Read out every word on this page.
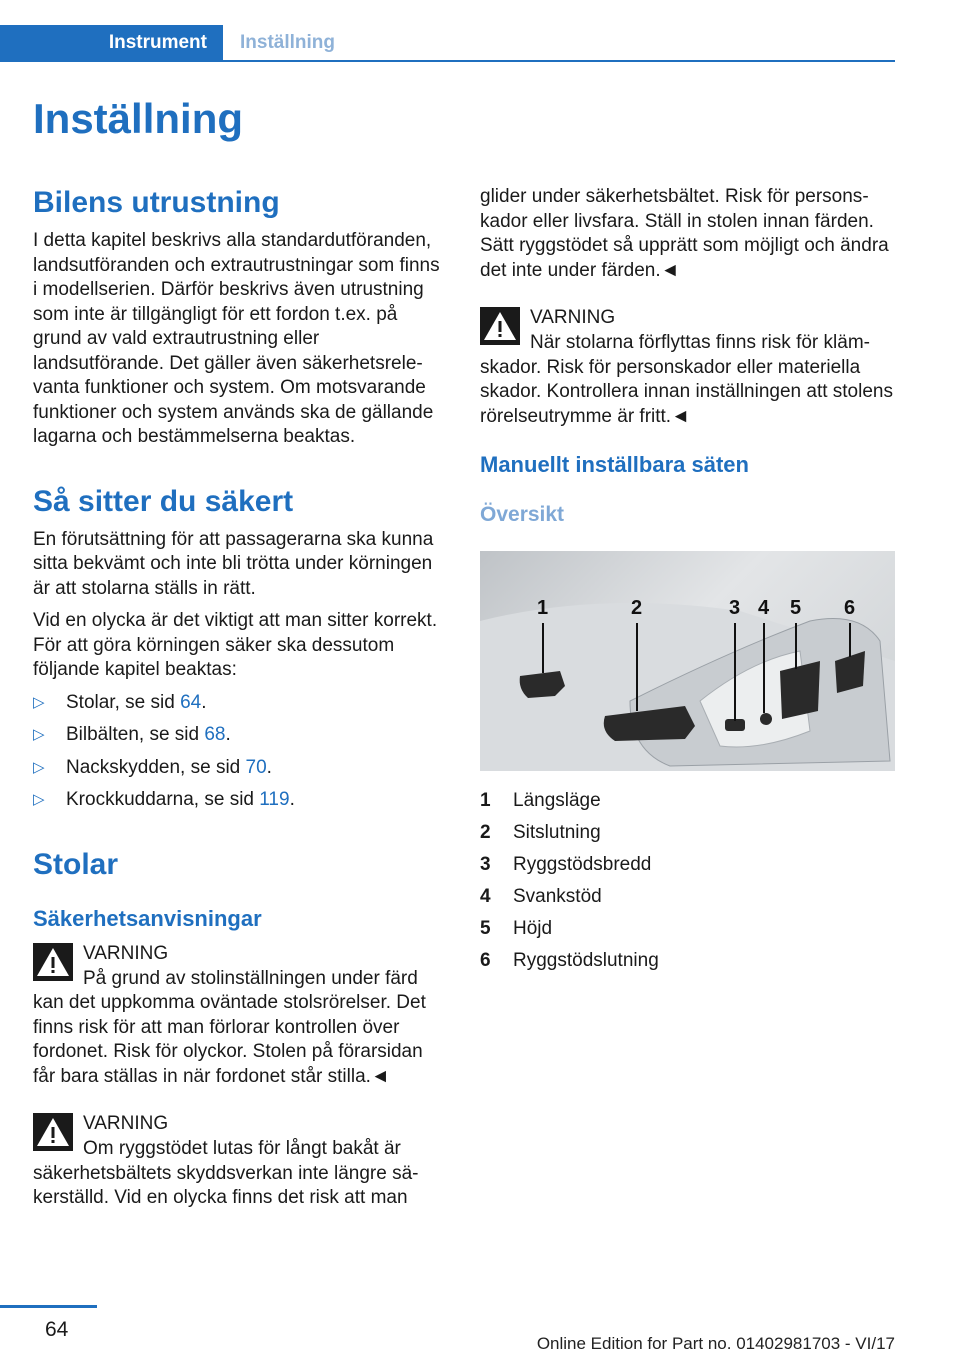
Instrument	Inställning
Inställning
Bilens utrustning

I detta kapitel beskrivs alla standardutföranden, landsutföranden och extrautrustningar som finns i modellserien. Därför beskrivs även utrustning som inte är tillgängligt för ett fordon t.ex. på grund av vald extrautrustning eller landsutförande. Det gäller även säkerhetsrelevanta funktioner och system. Om motsvarande funktioner och system används ska de gällande lagarna och bestämmelserna beaktas.

Så sitter du säkert

En förutsättning för att passagerarna ska kunna sitta bekvämt och inte bli trötta under körningen är att stolarna ställs in rätt.

Vid en olycka är det viktigt att man sitter korrekt. För att göra körningen säker ska dessutom följande kapitel beaktas:

▷ Stolar, se sid 64.
▷ Bilbälten, se sid 68.
▷ Nackskydden, se sid 70.
▷ Krockkuddarna, se sid 119.
Stolar
Säkerhetsanvisningar
VARNING

På grund av stolinställningen under färd kan det uppkomma oväntade stolsrörelser. Det finns risk för att man förlorar kontrollen över fordonet. Risk för olyckor. Stolen på förarsidan får bara ställas in när fordonet står stilla.◄

VARNING

Om ryggstödet lutas för långt bakåt är säkerhetsbältets skyddsverkan inte längre säkerställd. Vid en olycka finns det risk att man

glider under säkerhetsbältet. Risk för personskador eller livsfara. Ställ in stolen innan färden. Sätt ryggstödet så upprätt som möjligt och ändra det inte under färden.◄

VARNING

När stolarna förflyttas finns risk för klämskador. Risk för personskador eller materiella skador. Kontrollera innan inställningen att stolens rörelseutrymme är fritt.◄

Manuellt inställbara säten
Översikt
1	2	3 4 5 6
1	Längsläge
2	Sitslutning
3	Ryggstödsbredd
4	Svankstöd
5	Höjd
6	Ryggstödslutning
64
Online Edition for Part no. 01402981703 - VI/17
